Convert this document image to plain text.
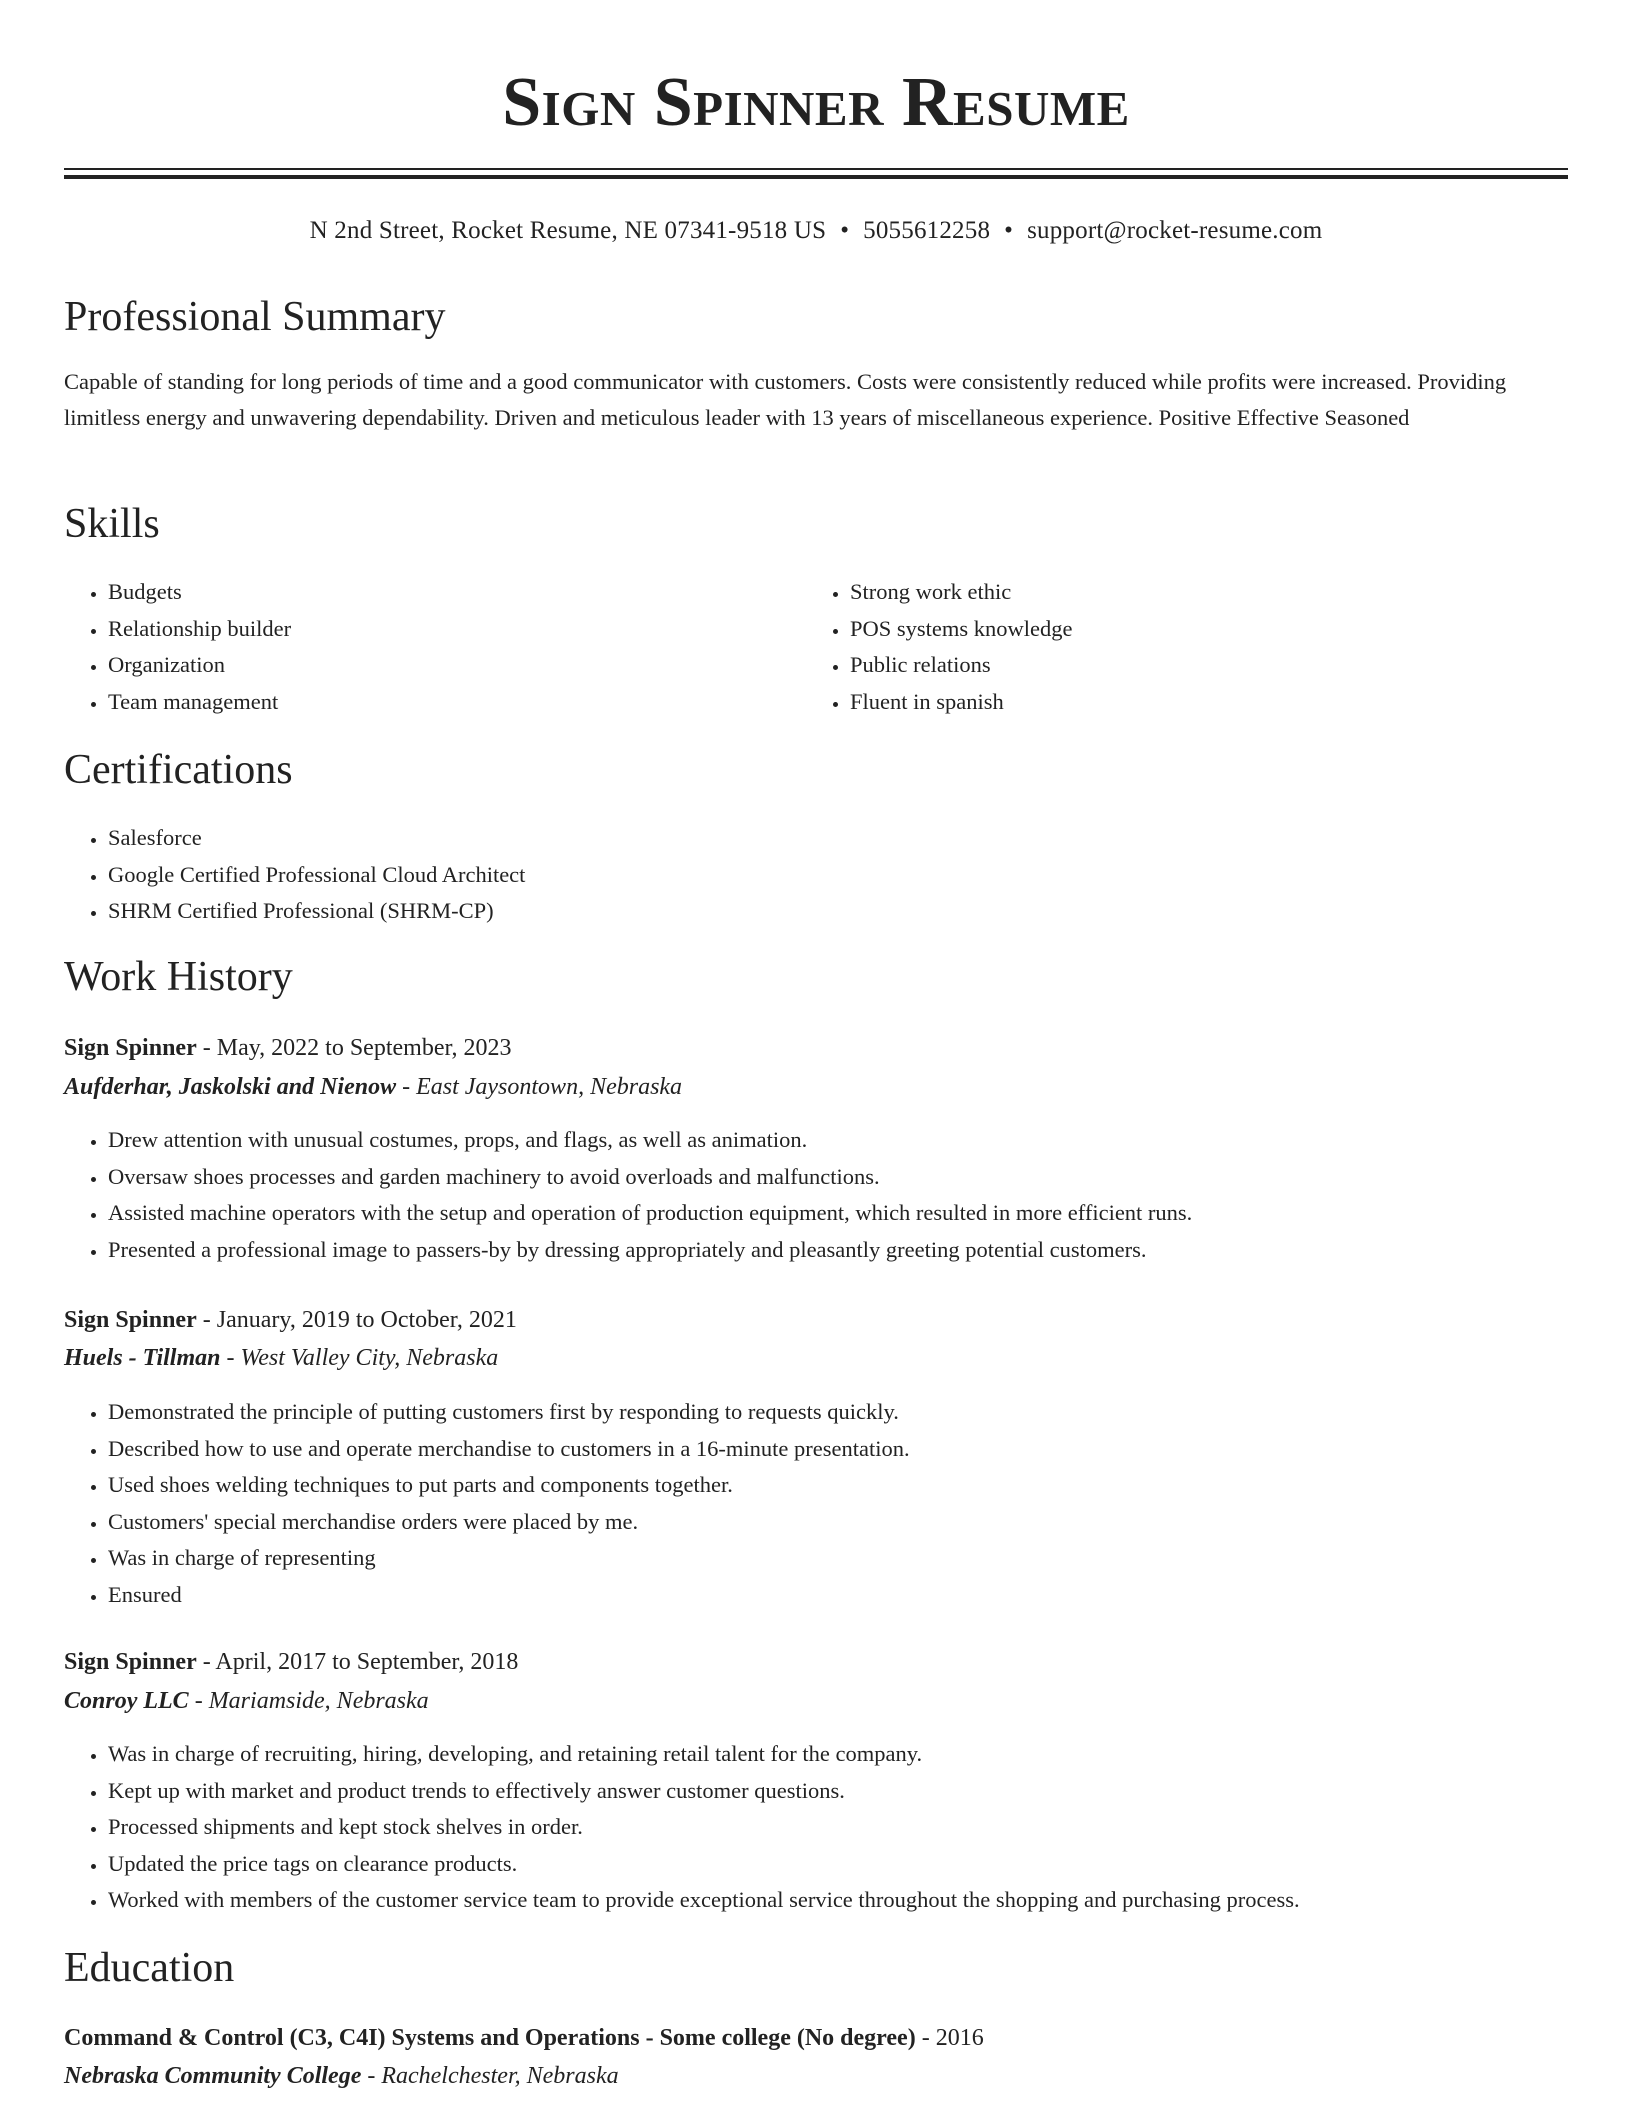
Sign Spinner Resume
N 2nd Street, Rocket Resume, NE 07341-9518 US • 5055612258 • support@rocket-resume.com
Professional Summary

Capable of standing for long periods of time and a good communicator with customers. Costs were consistently reduced while profits were increased. Providing limitless energy and unwavering dependability. Driven and meticulous leader with 13 years of miscellaneous experience. Positive Effective Seasoned

Skills
• Budgets
• Relationship builder
• Organization
• Team management
• Strong work ethic
• POS systems knowledge
• Public relations
• Fluent in spanish
Certifications
• Salesforce
• Google Certified Professional Cloud Architect
• SHRM Certified Professional (SHRM-CP)
Work History
Sign Spinner - May, 2022 to September, 2023
Aufderhar, Jaskolski and Nienow - East Jaysontown, Nebraska
• Drew attention with unusual costumes, props, and flags, as well as animation.
• Oversaw shoes processes and garden machinery to avoid overloads and malfunctions.
• Assisted machine operators with the setup and operation of production equipment, which resulted in more efficient runs.
• Presented a professional image to passers-by by dressing appropriately and pleasantly greeting potential customers.
Sign Spinner - January, 2019 to October, 2021
Huels - Tillman - West Valley City, Nebraska
• Demonstrated the principle of putting customers first by responding to requests quickly.
• Described how to use and operate merchandise to customers in a 16-minute presentation.
• Used shoes welding techniques to put parts and components together.
• Customers' special merchandise orders were placed by me.
• Was in charge of representing
• Ensured
Sign Spinner - April, 2017 to September, 2018
Conroy LLC - Mariamside, Nebraska
• Was in charge of recruiting, hiring, developing, and retaining retail talent for the company.
• Kept up with market and product trends to effectively answer customer questions.
• Processed shipments and kept stock shelves in order.
• Updated the price tags on clearance products.
• Worked with members of the customer service team to provide exceptional service throughout the shopping and purchasing process.
Education
Command & Control (C3, C4I) Systems and Operations - Some college (No degree) - 2016
Nebraska Community College - Rachelchester, Nebraska
